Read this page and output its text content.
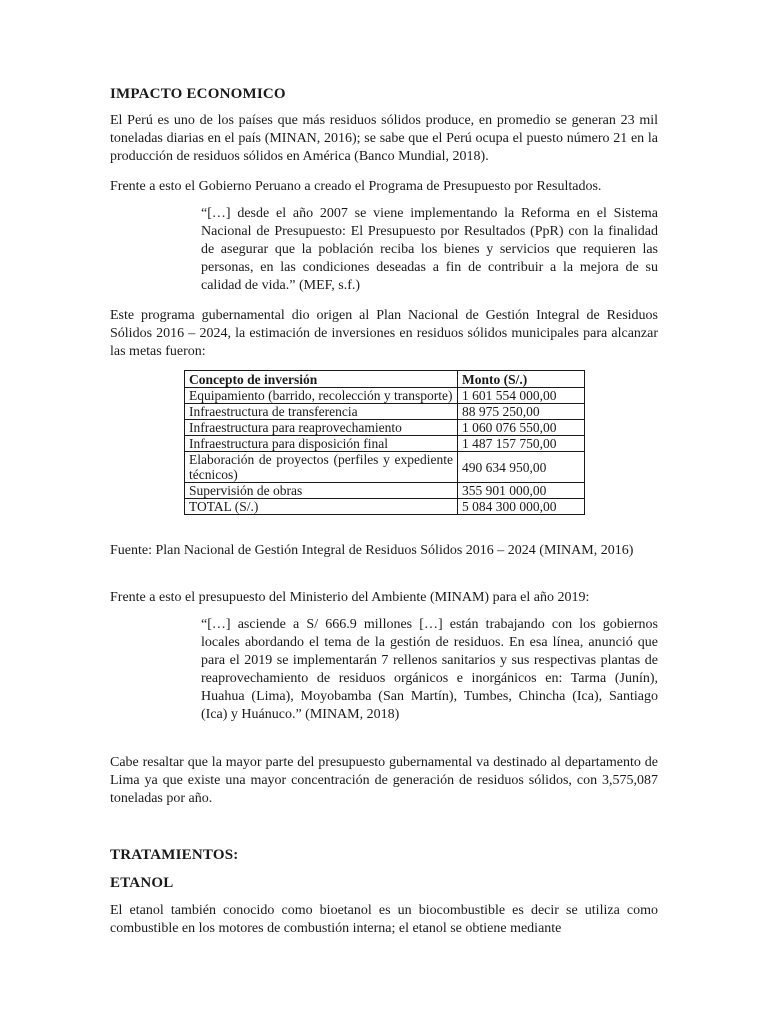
IMPACTO ECONOMICO

El Perú es uno de los países que más residuos sólidos produce, en promedio se generan 23 mil toneladas diarias en el país (MINAN, 2016); se sabe que el Perú ocupa el puesto número 21 en la producción de residuos sólidos en América (Banco Mundial, 2018).

Frente a esto el Gobierno Peruano a creado el Programa de Presupuesto por Resultados.

“[…] desde el año 2007 se viene implementando la Reforma en el Sistema Nacional de Presupuesto: El Presupuesto por Resultados (PpR) con la finalidad de asegurar que la población reciba los bienes y servicios que requieren las personas, en las condiciones deseadas a fin de contribuir a la mejora de su calidad de vida.” (MEF, s.f.)

Este programa gubernamental dio origen al Plan Nacional de Gestión Integral de Residuos Sólidos 2016 – 2024, la estimación de inversiones en residuos sólidos municipales para alcanzar las metas fueron:

Concepto de inversión	Monto (S/.)
Equipamiento (barrido, recolección y transporte)	1 601 554 000,00
Infraestructura de transferencia	88 975 250,00
Infraestructura para reaprovechamiento	1 060 076 550,00
Infraestructura para disposición final	1 487 157 750,00
Elaboración de proyectos (perfiles y expediente técnicos)	490 634 950,00
Supervisión de obras	355 901 000,00
TOTAL (S/.)	5 084 300 000,00

Fuente: Plan Nacional de Gestión Integral de Residuos Sólidos 2016 – 2024 (MINAM, 2016)

Frente a esto el presupuesto del Ministerio del Ambiente (MINAM) para el año 2019:

“[…] asciende a S/ 666.9 millones […] están trabajando con los gobiernos locales abordando el tema de la gestión de residuos. En esa línea, anunció que para el 2019 se implementarán 7 rellenos sanitarios y sus respectivas plantas de reaprovechamiento de residuos orgánicos e inorgánicos en: Tarma (Junín), Huahua (Lima), Moyobamba (San Martín), Tumbes, Chincha (Ica), Santiago (Ica) y Huánuco.” (MINAM, 2018)

Cabe resaltar que la mayor parte del presupuesto gubernamental va destinado al departamento de Lima ya que existe una mayor concentración de generación de residuos sólidos, con 3,575,087 toneladas por año.

TRATAMIENTOS:
ETANOL

El etanol también conocido como bioetanol es un biocombustible es decir se utiliza como combustible en los motores de combustión interna; el etanol se obtiene mediante
